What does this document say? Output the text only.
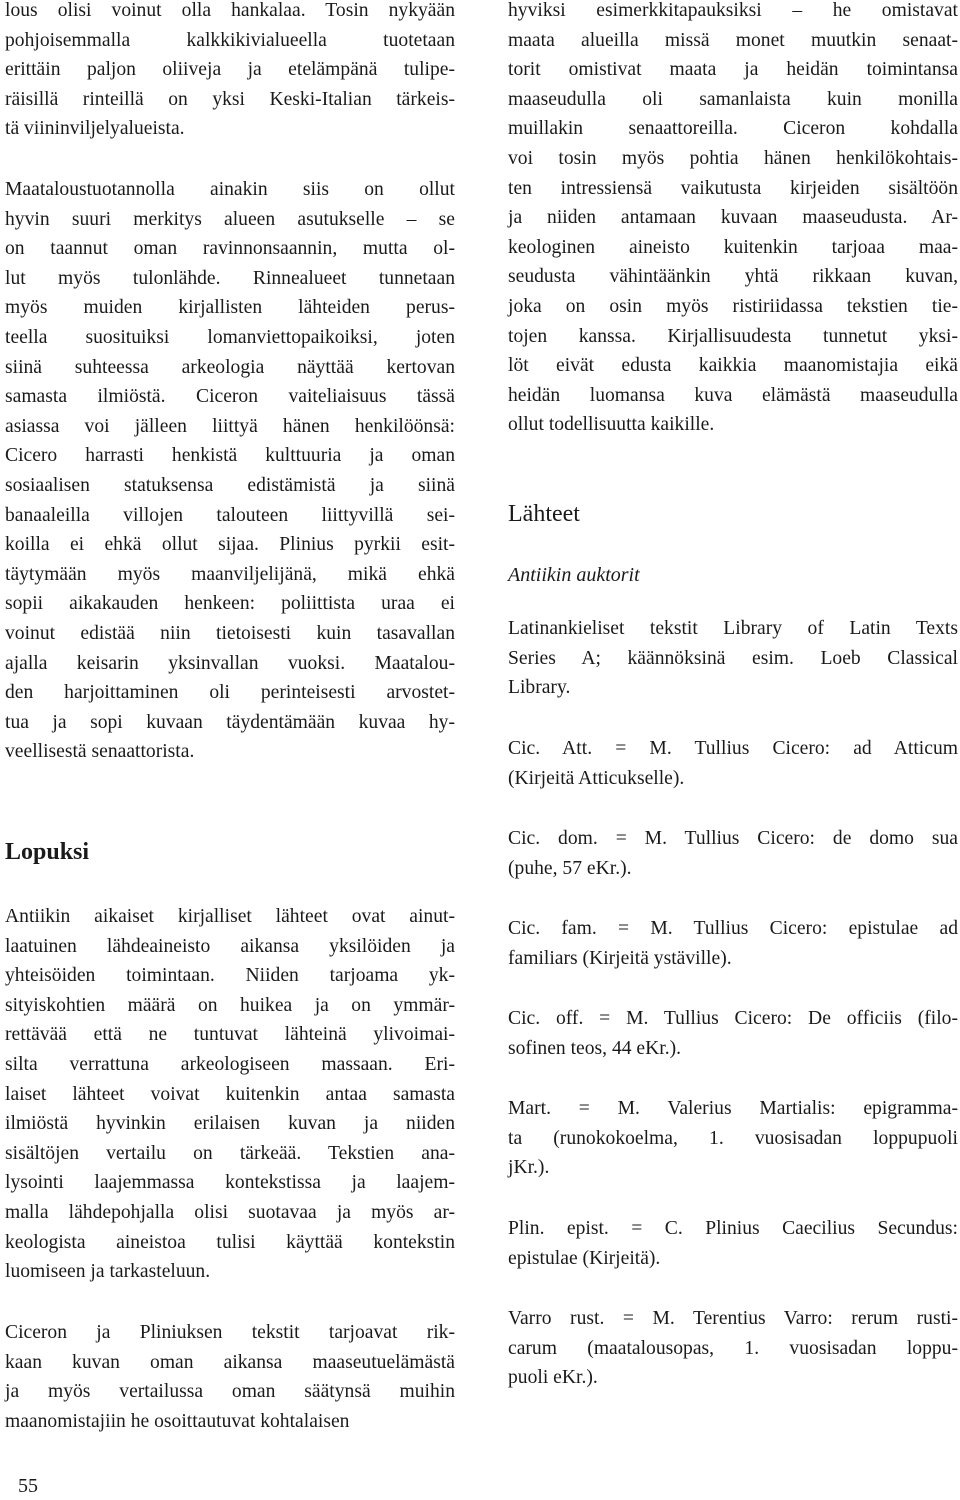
lous olisi voinut olla hankalaa. Tosin nykyään
pohjoisemmalla kalkkikivialueella tuotetaan
erittäin paljon oliiveja ja etelämpänä tulipe-
räisillä rinteillä on yksi Keski-Italian tärkeis-
tä viininviljelyalueista.
Maataloustuotannolla ainakin siis on ollut
hyvin suuri merkitys alueen asutukselle – se
on taannut oman ravinnonsaannin, mutta ol-
lut myös tulonlähde. Rinnealueet tunnetaan
myös muiden kirjallisten lähteiden perus-
teella suosituiksi lomanviettopaikoiksi, joten
siinä suhteessa arkeologia näyttää kertovan
samasta ilmiöstä. Ciceron vaiteliaisuus tässä
asiassa voi jälleen liittyä hänen henkilöönsä:
Cicero harrasti henkistä kulttuuria ja oman
sosiaalisen statuksensa edistämistä ja siinä
banaaleilla villojen talouteen liittyvillä sei-
koilla ei ehkä ollut sijaa. Plinius pyrkii esit-
täytymään myös maanviljelijänä, mikä ehkä
sopii aikakauden henkeen: poliittista uraa ei
voinut edistää niin tietoisesti kuin tasavallan
ajalla keisarin yksinvallan vuoksi. Maatalou-
den harjoittaminen oli perinteisesti arvostet-
tua ja sopi kuvaan täydentämään kuvaa hy-
veellisestä senaattorista.
Lopuksi
Antiikin aikaiset kirjalliset lähteet ovat ainut-
laatuinen lähdeaineisto aikansa yksilöiden ja
yhteisöiden toimintaan. Niiden tarjoama yk-
sityiskohtien määrä on huikea ja on ymmär-
rettävää että ne tuntuvat lähteinä ylivoimai-
silta verrattuna arkeologiseen massaan. Eri-
laiset lähteet voivat kuitenkin antaa samasta
ilmiöstä hyvinkin erilaisen kuvan ja niiden
sisältöjen vertailu on tärkeää. Tekstien ana-
lysointi laajemmassa kontekstissa ja laajem-
malla lähdepohjalla olisi suotavaa ja myös ar-
keologista aineistoa tulisi käyttää kontekstin
luomiseen ja tarkasteluun.
Ciceron ja Pliniuksen tekstit tarjoavat rik-
kaan kuvan oman aikansa maaseutuelämästä
ja myös vertailussa oman säätynsä muihin
maanomistajiin he osoittautuvat kohtalaisen
hyviksi esimerkkitapauksiksi – he omistavat
maata alueilla missä monet muutkin senaat-
torit omistivat maata ja heidän toimintansa
maaseudulla oli samanlaista kuin monilla
muillakin senaattoreilla. Ciceron kohdalla
voi tosin myös pohtia hänen henkilökohtais-
ten intressiensä vaikutusta kirjeiden sisältöön
ja niiden antamaan kuvaan maaseudusta. Ar-
keologinen aineisto kuitenkin tarjoaa maa-
seudusta vähintäänkin yhtä rikkaan kuvan,
joka on osin myös ristiriidassa tekstien tie-
tojen kanssa. Kirjallisuudesta tunnetut yksi-
löt eivät edusta kaikkia maanomistajia eikä
heidän luomansa kuva elämästä maaseudulla
ollut todellisuutta kaikille.
Lähteet
Antiikin auktorit
Latinankieliset tekstit Library of Latin Texts
Series A; käännöksinä esim. Loeb Classical
Library.
Cic. Att. = M. Tullius Cicero: ad Atticum
(Kirjeitä Atticukselle).
Cic. dom. = M. Tullius Cicero: de domo sua
(puhe, 57 eKr.).
Cic. fam. = M. Tullius Cicero: epistulae ad
familiars (Kirjeitä ystäville).
Cic. off. = M. Tullius Cicero: De officiis (filo-
sofinen teos, 44 eKr.).
Mart. = M. Valerius Martialis: epigramma-
ta (runokokoelma, 1. vuosisadan loppupuoli
jKr.).
Plin. epist. = C. Plinius Caecilius Secundus:
epistulae (Kirjeitä).
Varro rust. = M. Terentius Varro: rerum rusti-
carum (maatalousopas, 1. vuosisadan loppu-
puoli eKr.).
55
